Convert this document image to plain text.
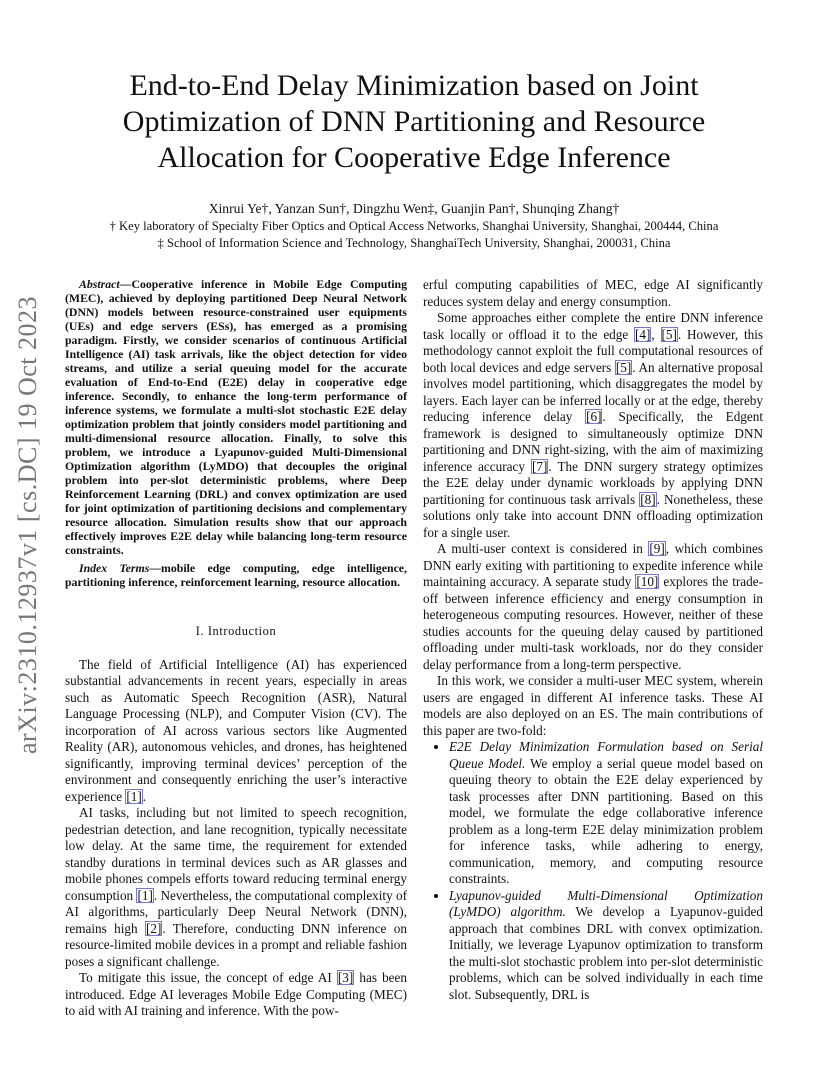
arXiv:2310.12937v1 [cs.DC] 19 Oct 2023
End-to-End Delay Minimization based on Joint
Optimization of DNN Partitioning and Resource
Allocation for Cooperative Edge Inference
Xinrui Ye†, Yanzan Sun†, Dingzhu Wen‡, Guanjin Pan†, Shunqing Zhang†
† Key laboratory of Specialty Fiber Optics and Optical Access Networks, Shanghai University, Shanghai, 200444, China
‡ School of Information Science and Technology, ShanghaiTech University, Shanghai, 200031, China

Abstract—Cooperative inference in Mobile Edge Computing (MEC), achieved by deploying partitioned Deep Neural Network (DNN) models between resource-constrained user equipments (UEs) and edge servers (ESs), has emerged as a promising paradigm. Firstly, we consider scenarios of continuous Artificial Intelligence (AI) task arrivals, like the object detection for video streams, and utilize a serial queuing model for the accurate evaluation of End-to-End (E2E) delay in cooperative edge inference. Secondly, to enhance the long-term performance of inference systems, we formulate a multi-slot stochastic E2E delay optimization problem that jointly considers model partitioning and multi-dimensional resource allocation. Finally, to solve this problem, we introduce a Lyapunov-guided Multi-Dimensional Optimization algorithm (LyMDO) that decouples the original problem into per-slot deterministic problems, where Deep Reinforcement Learning (DRL) and convex optimization are used for joint optimization of partitioning decisions and complementary resource allocation. Simulation results show that our approach effectively improves E2E delay while balancing long-term resource constraints.

Index Terms—mobile edge computing, edge intelligence, partitioning inference, reinforcement learning, resource allocation.

I. Introduction

The field of Artificial Intelligence (AI) has experienced substantial advancements in recent years, especially in areas such as Automatic Speech Recognition (ASR), Natural Language Processing (NLP), and Computer Vision (CV). The incorporation of AI across various sectors like Augmented Reality (AR), autonomous vehicles, and drones, has heightened significantly, improving terminal devices’ perception of the environment and consequently enriching the user’s interactive experience [1].

AI tasks, including but not limited to speech recognition, pedestrian detection, and lane recognition, typically necessitate low delay. At the same time, the requirement for extended standby durations in terminal devices such as AR glasses and mobile phones compels efforts toward reducing terminal energy consumption [1]. Nevertheless, the computational complexity of AI algorithms, particularly Deep Neural Network (DNN), remains high [2]. Therefore, conducting DNN inference on resource-limited mobile devices in a prompt and reliable fashion poses a significant challenge.

To mitigate this issue, the concept of edge AI [3] has been introduced. Edge AI leverages Mobile Edge Computing (MEC) to aid with AI training and inference. With the pow-

erful computing capabilities of MEC, edge AI significantly reduces system delay and energy consumption.

Some approaches either complete the entire DNN inference task locally or offload it to the edge [4], [5]. However, this methodology cannot exploit the full computational resources of both local devices and edge servers [5]. An alternative proposal involves model partitioning, which disaggregates the model by layers. Each layer can be inferred locally or at the edge, thereby reducing inference delay [6]. Specifically, the Edgent framework is designed to simultaneously optimize DNN partitioning and DNN right-sizing, with the aim of maximizing inference accuracy [7]. The DNN surgery strategy optimizes the E2E delay under dynamic workloads by applying DNN partitioning for continuous task arrivals [8]. Nonetheless, these solutions only take into account DNN offloading optimization for a single user.

A multi-user context is considered in [9], which combines DNN early exiting with partitioning to expedite inference while maintaining accuracy. A separate study [10] explores the trade-off between inference efficiency and energy consumption in heterogeneous computing resources. However, neither of these studies accounts for the queuing delay caused by partitioned offloading under multi-task workloads, nor do they consider delay performance from a long-term perspective.

In this work, we consider a multi-user MEC system, wherein users are engaged in different AI inference tasks. These AI models are also deployed on an ES. The main contributions of this paper are two-fold:

• E2E Delay Minimization Formulation based on Serial Queue Model. We employ a serial queue model based on queuing theory to obtain the E2E delay experienced by task processes after DNN partitioning. Based on this model, we formulate the edge collaborative inference problem as a long-term E2E delay minimization problem for inference tasks, while adhering to energy, communication, memory, and computing resource constraints.
• Lyapunov-guided Multi-Dimensional Optimization (LyMDO) algorithm. We develop a Lyapunov-guided approach that combines DRL with convex optimization. Initially, we leverage Lyapunov optimization to transform the multi-slot stochastic problem into per-slot deterministic problems, which can be solved individually in each time slot. Subsequently, DRL is
